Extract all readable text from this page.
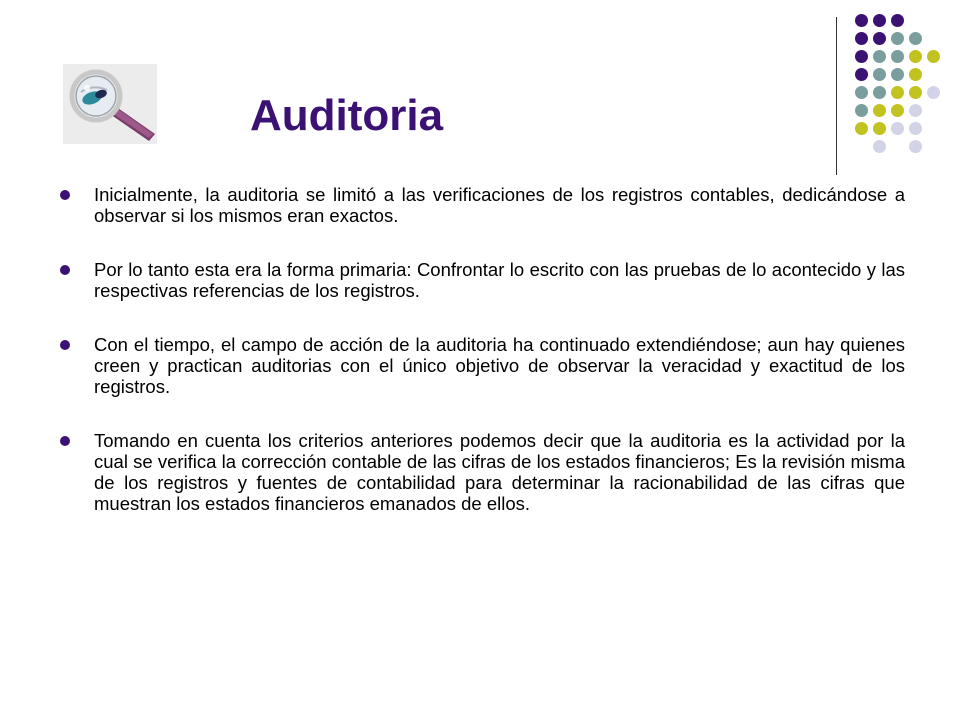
Auditoria
Inicialmente, la auditoria se limitó a las verificaciones de los registros contables, dedicándose a observar si los mismos eran exactos.
Por lo tanto esta era la forma primaria: Confrontar lo escrito con las pruebas de lo acontecido y las respectivas referencias de los registros.
Con el tiempo, el campo de acción de la auditoria ha continuado extendiéndose; aun hay quienes creen y practican auditorias con el único objetivo de observar la veracidad y exactitud de los registros.
Tomando en cuenta los criterios anteriores podemos decir que la auditoria es la actividad por la cual se verifica la corrección contable de las cifras de los estados financieros; Es la revisión misma de los registros y fuentes de contabilidad para determinar la racionabilidad de las cifras que muestran los estados financieros emanados de ellos.
